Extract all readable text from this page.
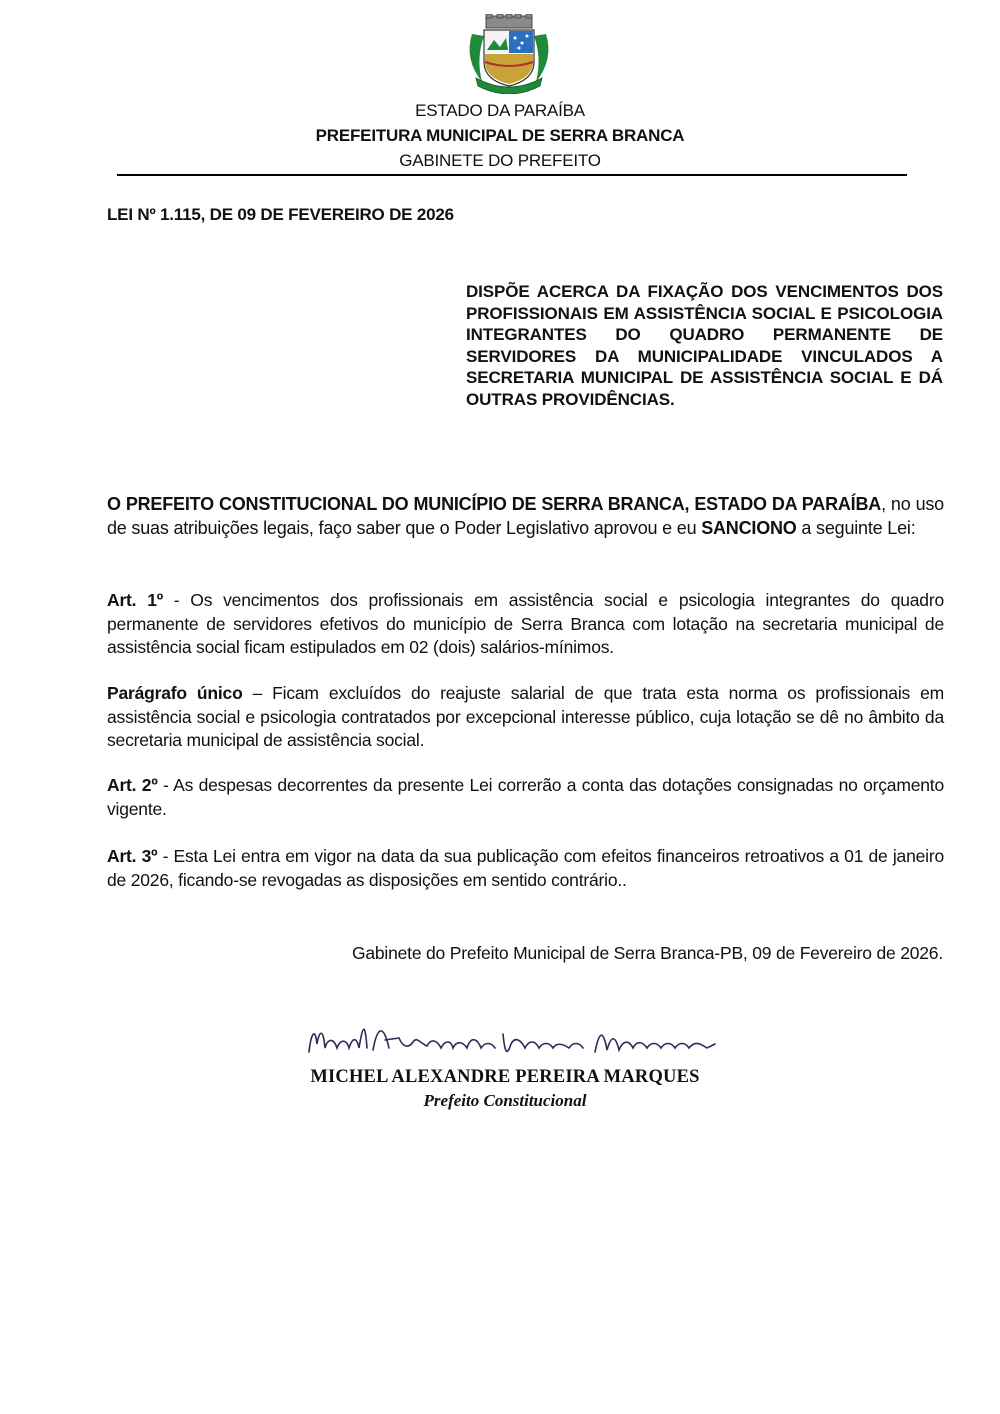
ESTADO DA PARAÍBA
PREFEITURA MUNICIPAL DE SERRA BRANCA
GABINETE DO PREFEITO
LEI Nº 1.115, DE 09 DE FEVEREIRO DE 2026
DISPÕE ACERCA DA FIXAÇÃO DOS VENCIMENTOS DOS PROFISSIONAIS EM ASSISTÊNCIA SOCIAL E PSICOLOGIA INTEGRANTES DO QUADRO PERMANENTE DE SERVIDORES DA MUNICIPALIDADE VINCULADOS A SECRETARIA MUNICIPAL DE ASSISTÊNCIA SOCIAL E DÁ OUTRAS PROVIDÊNCIAS.
O PREFEITO CONSTITUCIONAL DO MUNICÍPIO DE SERRA BRANCA, ESTADO DA PARAÍBA, no uso de suas atribuições legais, faço saber que o Poder Legislativo aprovou e eu SANCIONO a seguinte Lei:
Art. 1º - Os vencimentos dos profissionais em assistência social e psicologia integrantes do quadro permanente de servidores efetivos do município de Serra Branca com lotação na secretaria municipal de assistência social ficam estipulados em 02 (dois) salários-mínimos.
Parágrafo único – Ficam excluídos do reajuste salarial de que trata esta norma os profissionais em assistência social e psicologia contratados por excepcional interesse público, cuja lotação se dê no âmbito da secretaria municipal de assistência social.
Art. 2º - As despesas decorrentes da presente Lei correrão a conta das dotações consignadas no orçamento vigente.
Art. 3º - Esta Lei entra em vigor na data da sua publicação com efeitos financeiros retroativos a 01 de janeiro de 2026, ficando-se revogadas as disposições em sentido contrário..
Gabinete do Prefeito Municipal de Serra Branca-PB, 09 de Fevereiro de 2026.
MICHEL ALEXANDRE PEREIRA MARQUES
Prefeito Constitucional
